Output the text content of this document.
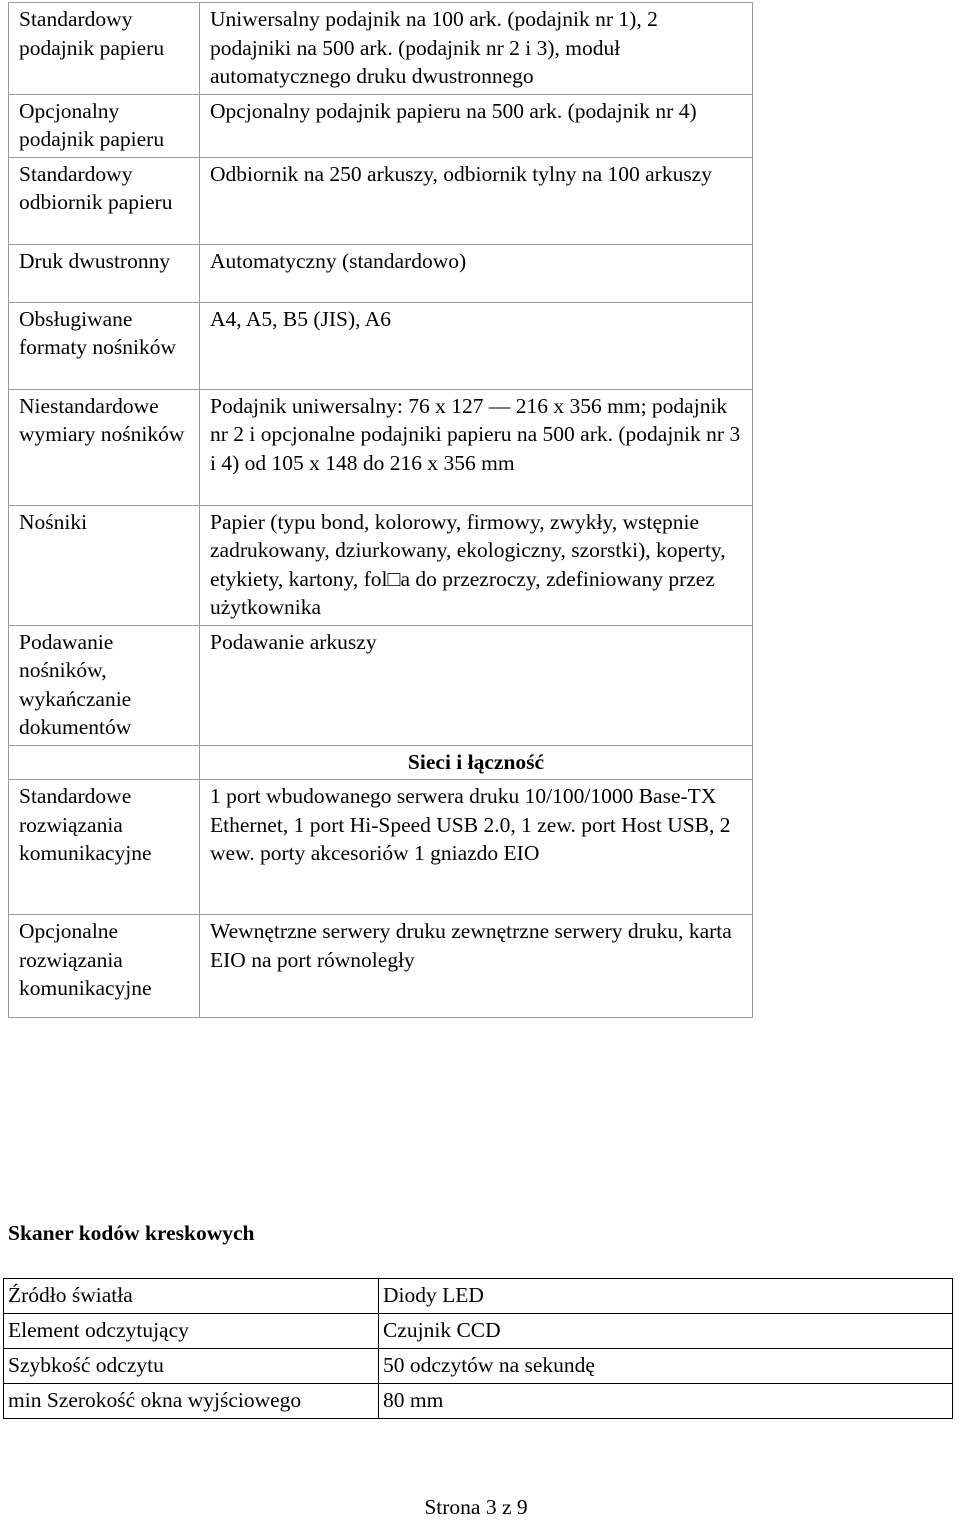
Standardowy podajnik papieru	Uniwersalny podajnik na 100 ark. (podajnik nr 1), 2 podajniki na 500 ark. (podajnik nr 2 i 3), moduł automatycznego druku dwustronnego
Opcjonalny podajnik papieru	Opcjonalny podajnik papieru na 500 ark. (podajnik nr 4)
Standardowy odbiornik papieru	Odbiornik na 250 arkuszy, odbiornik tylny na 100 arkuszy
Druk dwustronny	Automatyczny (standardowo)
Obsługiwane formaty nośników	A4, A5, B5 (JIS), A6
Niestandardowe wymiary nośników	Podajnik uniwersalny: 76 x 127 — 216 x 356 mm; podajnik nr 2 i opcjonalne podajniki papieru na 500 ark. (podajnik nr 3 i 4) od 105 x 148 do 216 x 356 mm
Nośniki	Papier (typu bond, kolorowy, firmowy, zwykły, wstępnie zadrukowany, dziurkowany, ekologiczny, szorstki), koperty, etykiety, kartony, fol□a do przezroczy, zdefiniowany przez użytkownika
Podawanie nośników, wykańczanie dokumentów	Podawanie arkuszy
	Sieci i łączność
Standardowe rozwiązania komunikacyjne	1 port wbudowanego serwera druku 10/100/1000 Base-TX Ethernet, 1 port Hi-Speed USB 2.0, 1 zew. port Host USB, 2 wew. porty akcesoriów 1 gniazdo EIO
Opcjonalne rozwiązania komunikacyjne	Wewnętrzne serwery druku zewnętrzne serwery druku, karta EIO na port równoległy
Skaner kodów kreskowych
Źródło światła	Diody LED
Element odczytujący	Czujnik CCD
Szybkość odczytu	50 odczytów na sekundę
min Szerokość okna wyjściowego	80 mm
Strona 3 z 9
